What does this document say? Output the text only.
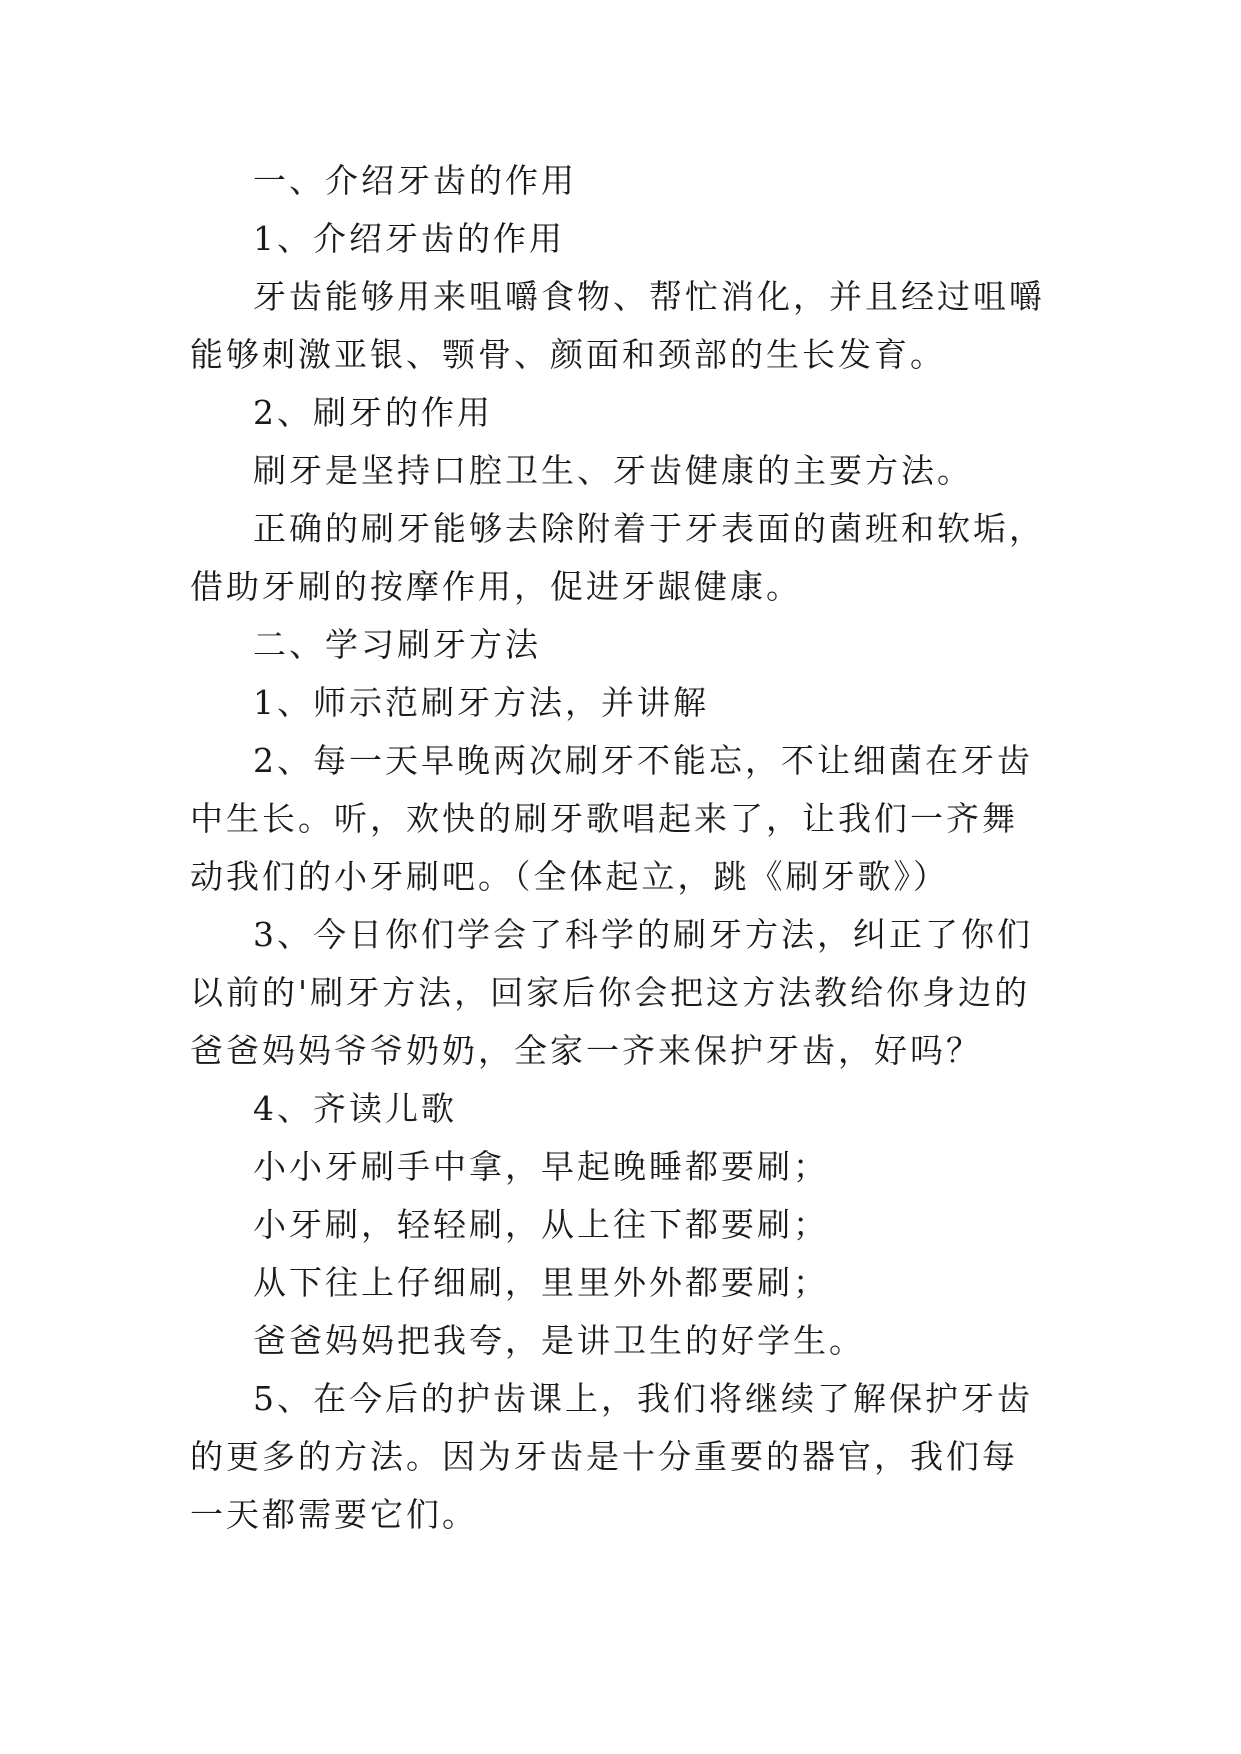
一、介绍牙齿的作用

1、介绍牙齿的作用

牙齿能够用来咀嚼食物、帮忙消化，并且经过咀嚼能够刺激亚银、颚骨、颜面和颈部的生长发育。

2、刷牙的作用

刷牙是坚持口腔卫生、牙齿健康的主要方法。

正确的刷牙能够去除附着于牙表面的菌班和软垢，借助牙刷的按摩作用，促进牙龈健康。

二、学习刷牙方法

1、师示范刷牙方法，并讲解

2、每一天早晚两次刷牙不能忘，不让细菌在牙齿中生长。听，欢快的刷牙歌唱起来了，让我们一齐舞动我们的小牙刷吧。（全体起立，跳《刷牙歌》）

3、今日你们学会了科学的刷牙方法，纠正了你们以前的'刷牙方法，回家后你会把这方法教给你身边的爸爸妈妈爷爷奶奶，全家一齐来保护牙齿，好吗？

4、齐读儿歌

小小牙刷手中拿，早起晚睡都要刷；

小牙刷，轻轻刷，从上往下都要刷；

从下往上仔细刷，里里外外都要刷；

爸爸妈妈把我夸，是讲卫生的好学生。

5、在今后的护齿课上，我们将继续了解保护牙齿的更多的方法。因为牙齿是十分重要的器官，我们每一天都需要它们。
